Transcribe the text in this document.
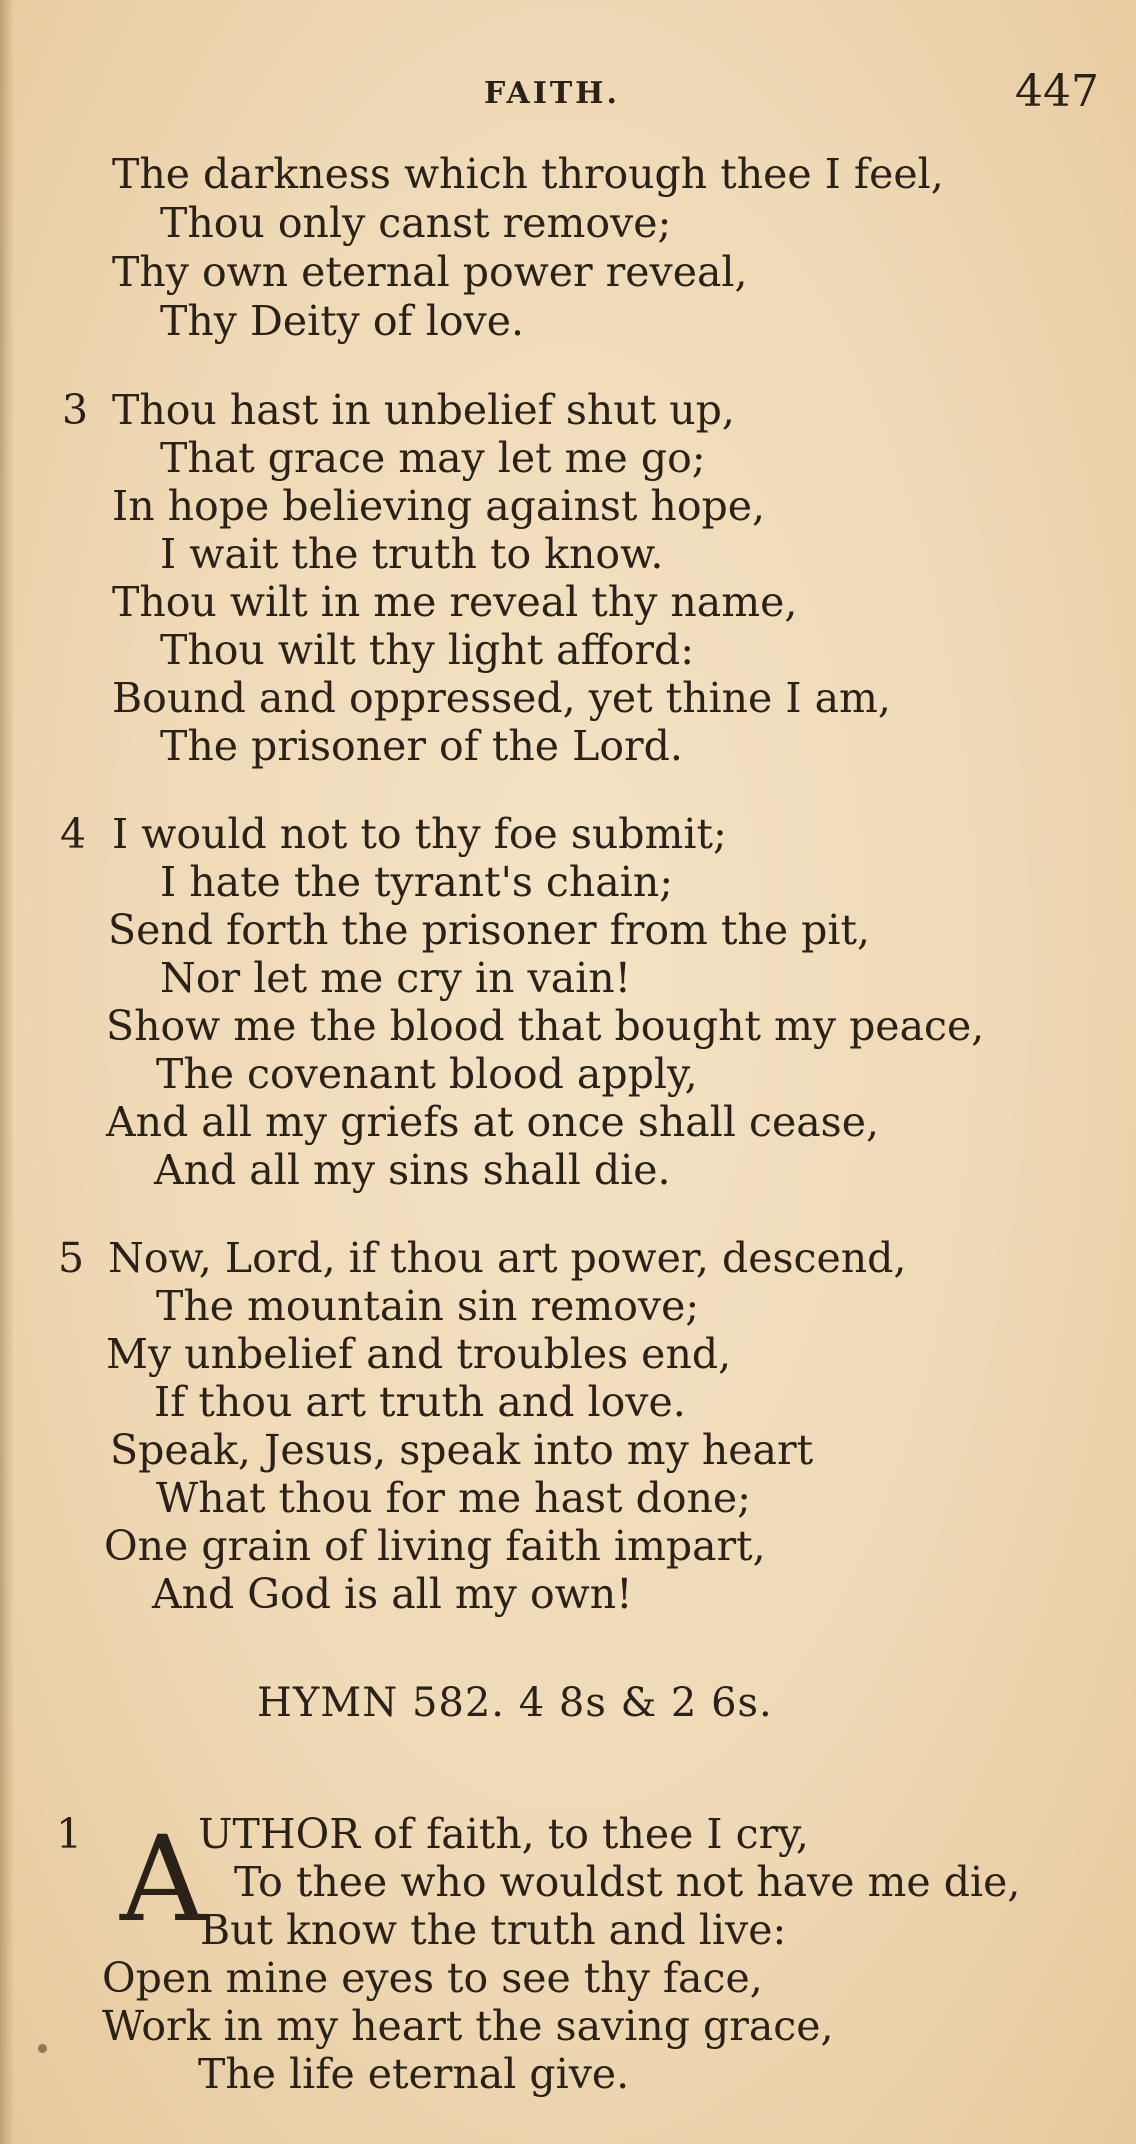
FAITH.	447
The darkness which through thee I feel,
Thou only canst remove;
Thy own eternal power reveal,
Thy Deity of love.
3 Thou hast in unbelief shut up,
That grace may let me go;
In hope believing against hope,
I wait the truth to know.
Thou wilt in me reveal thy name,
Thou wilt thy light afford:
Bound and oppressed, yet thine I am,
The prisoner of the Lord.
4 I would not to thy foe submit;
I hate the tyrant's chain;
Send forth the prisoner from the pit,
Nor let me cry in vain!
Show me the blood that bought my peace,
The covenant blood apply,
And all my griefs at once shall cease,
And all my sins shall die.
5 Now, Lord, if thou art power, descend,
The mountain sin remove;
My unbelief and troubles end,
If thou art truth and love.
Speak, Jesus, speak into my heart
What thou for me hast done;
One grain of living faith impart,
And God is all my own!
HYMN 582. 4 8s & 2 6s.
1 A
UTHOR of faith, to thee I cry,
To thee who wouldst not have me die,
But know the truth and live:
Open mine eyes to see thy face,
Work in my heart the saving grace,
The life eternal give.
